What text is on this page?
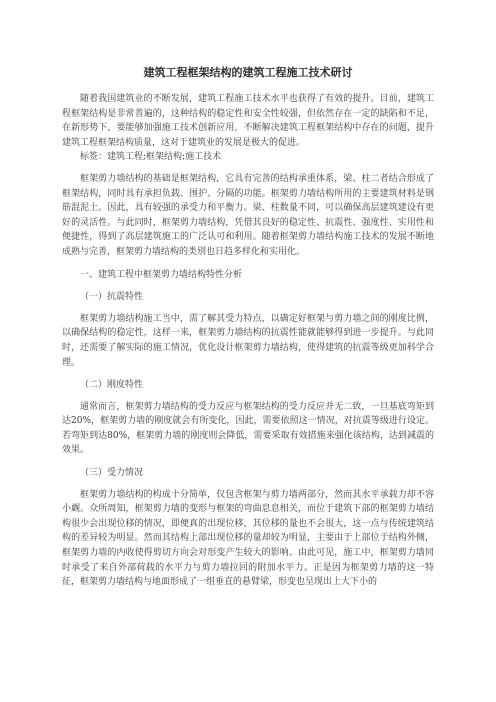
建筑工程框架结构的建筑工程施工技术研讨

随着我国建筑业的不断发展，建筑工程施工技术水平也获得了有效的提升。目前，建筑工程框架结构是非常普遍的，这种结构的稳定性和安全性较强，但依然存在一定的缺陷和不足，在新形势下，要能够加强施工技术创新应用，不断解决建筑工程框架结构中存在的问题，提升建筑工程框架结构质量，这对于建筑业的发展是极大的促进。

标签：建筑工程;框架结构;施工技术

框架剪力墙结构的基础是框架结构，它具有完善的结构承重体系，梁、柱二者结合形成了框架结构，同时具有承担负载、围护、分隔的功能。框架剪力墙结构所用的主要建筑材料是钢筋混泥土。因此，具有较强的承受力和平衡力。梁、柱数量不同，可以确保高层建筑建设有更好的灵活性。与此同时，框架剪力墙结构，凭借其良好的稳定性、抗震性、强度性、实用性和便捷性，得到了高层建筑施工的广泛认可和利用。随着框架剪力墙结构施工技术的发展不断地成熟与完善，框架剪力墙结构的类别也日趋多样化和实用化。

一、建筑工程中框架剪力墙结构特性分析

（一）抗震特性

框架剪力墙结构施工当中，需了解其受力特点，以确定好框架与剪力墙之间的刚度比例，以确保结构的稳定性，这样一来，框架剪力墙结构的抗震性能就能够得到进一步提升。与此同时，还需要了解实际的施工情况，优化设计框架剪力墙结构，使得建筑的抗震等级更加科学合理。

（二）刚度特性

通常而言，框架剪力墙结构的受力反应与框架结构的受力反应并无二致，一旦基底弯矩到达20%，框架剪力墙的刚度就会有所变化，因此，需要依照这一情况，对抗震等级进行设定。若弯矩到达80%，框架剪力墙的刚度则会降低，需要采取有效措施来强化该结构，达到减震的效果。

（三）受力情况

框架剪力墙结构的构成十分简单，仅包含框架与剪力墙两部分，然而其水平承载力却不容小觑。众所周知，框架剪力墙的变形与框架的弯曲息息相关，而位于建筑下部的框架剪力墙结构很少会出现位移的情况，即便真的出现位移，其位移的量也不会很大，这一点与传统建筑结构的差异较为明显。然而其结构上部出现位移的量却较为明显，主要由于上部位于结构外侧，框架剪力墙的内收使得剪切方向会对形变产生较大的影响。由此可见，施工中，框架剪力墙同时承受了来自外部荷载的水平力与剪力墙拉回的附加水平力。正是因为框架剪力墙的这一特征，框架剪力墙结构与地面形成了一组垂直的悬臂梁，形变也呈现出上大下小的
